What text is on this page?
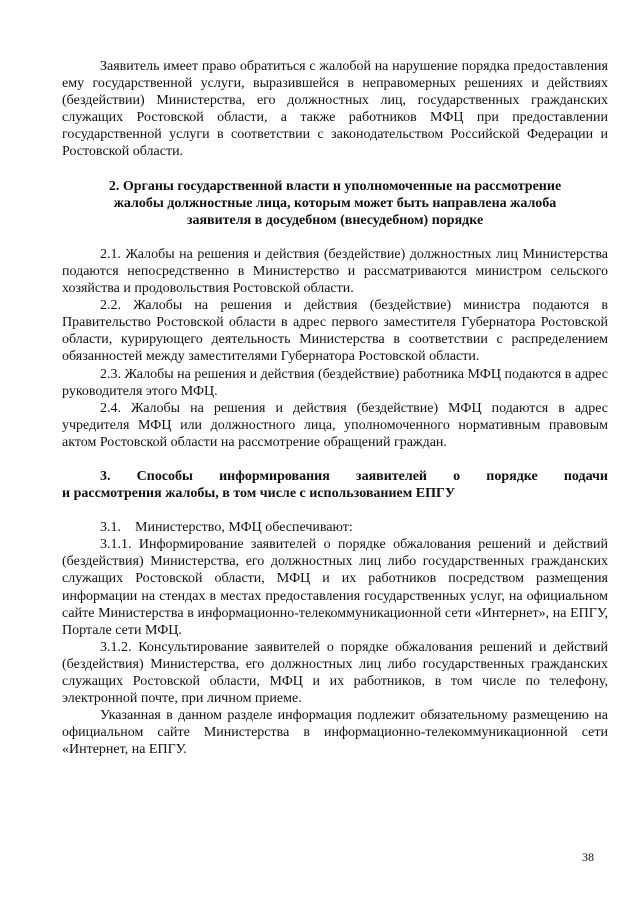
Заявитель имеет право обратиться с жалобой на нарушение порядка предоставления ему государственной услуги, выразившейся в неправомерных решениях и действиях (бездействии) Министерства, его должностных лиц, государственных гражданских служащих Ростовской области, а также работников МФЦ при предоставлении государственной услуги в соответствии с законодательством Российской Федерации и Ростовской области.

2. Органы государственной власти и уполномоченные на рассмотрение жалобы должностные лица, которым может быть направлена жалоба заявителя в досудебном (внесудебном) порядке

2.1. Жалобы на решения и действия (бездействие) должностных лиц Министерства подаются непосредственно в Министерство и рассматриваются министром сельского хозяйства и продовольствия Ростовской области.

2.2. Жалобы на решения и действия (бездействие) министра подаются в Правительство Ростовской области в адрес первого заместителя Губернатора Ростовской области, курирующего деятельность Министерства в соответствии с распределением обязанностей между заместителями Губернатора Ростовской области.

2.3. Жалобы на решения и действия (бездействие) работника МФЦ подаются в адрес руководителя этого МФЦ.

2.4. Жалобы на решения и действия (бездействие) МФЦ подаются в адрес учредителя МФЦ или должностного лица, уполномоченного нормативным правовым актом Ростовской области на рассмотрение обращений граждан.

3. Способы информирования заявителей о порядке подачи

и рассмотрения жалобы, в том числе с использованием ЕПГУ

3.1.    Министерство, МФЦ обеспечивают:

3.1.1. Информирование заявителей о порядке обжалования решений и действий (бездействия) Министерства, его должностных лиц либо государственных гражданских служащих Ростовской области, МФЦ и их работников посредством размещения информации на стендах в местах предоставления государственных услуг, на официальном сайте Министерства в информационно-телекоммуникационной сети «Интернет», на ЕПГУ, Портале сети МФЦ.

3.1.2. Консультирование заявителей о порядке обжалования решений и действий (бездействия) Министерства, его должностных лиц либо государственных гражданских служащих Ростовской области, МФЦ и их работников, в том числе по телефону, электронной почте, при личном приеме.

Указанная в данном разделе информация подлежит обязательному размещению на официальном сайте Министерства в информационно-телекоммуникационной сети «Интернет, на ЕПГУ.

38
